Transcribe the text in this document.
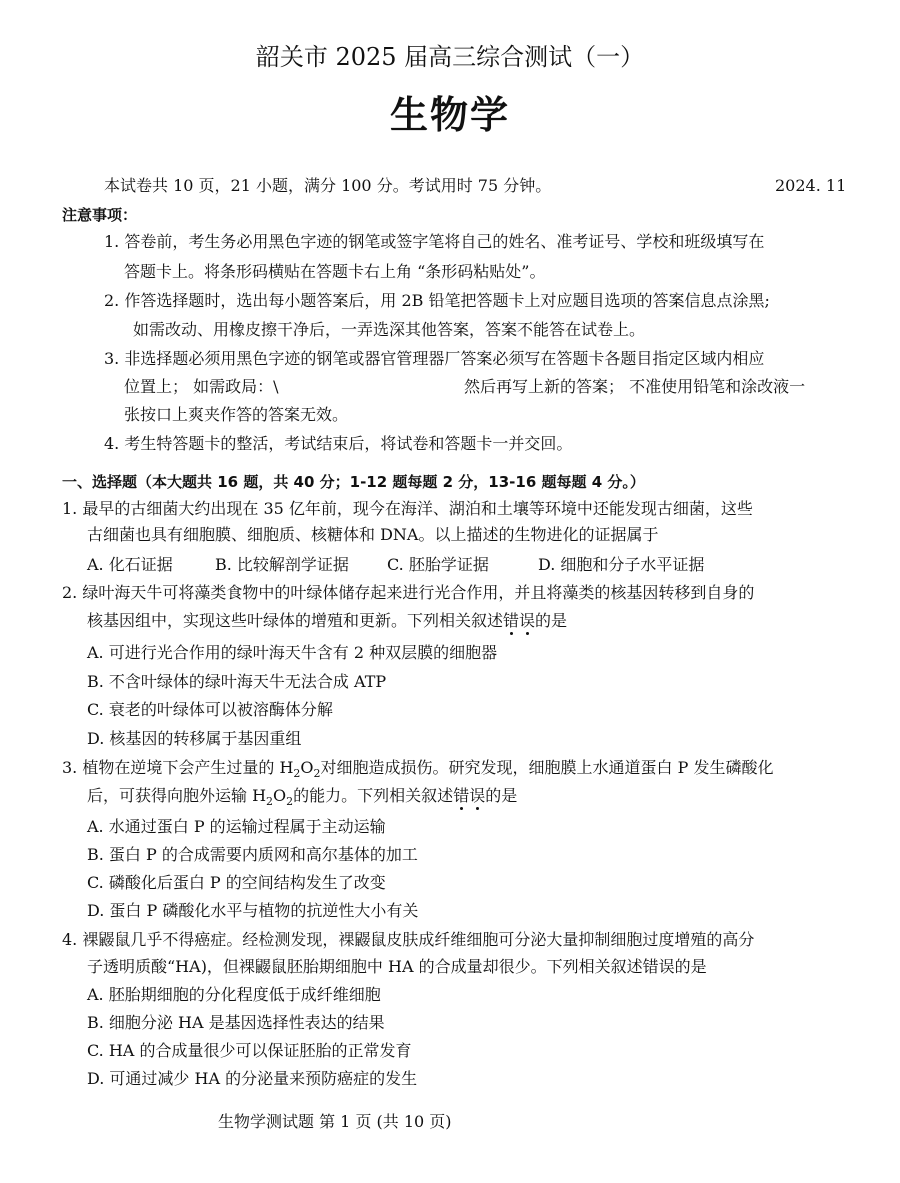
韶关市 2025 届高三综合测试（一）
生物学
本试卷共 10 页，21 小题，满分 100 分。考试用时 75 分钟。	2024. 11
注意事项：
1. 答卷前，考生务必用黑色字迹的钢笔或签字笔将自己的姓名、准考证号、学校和班级填写在
答题卡上。将条形码横贴在答题卡右上角 “条形码粘贴处”。
2. 作答选择题时，选出每小题答案后，用 2B 铅笔把答题卡上对应题目选项的答案信息点涂黑;
如需改动、用橡皮擦干净后，一弄选深其他答案，答案不能答在试卷上。
3. 非选择题必须用黑色字迹的钢笔或器官管理器厂答案必须写在答题卡各题目指定区域内相应
位置上； 如需政局：\	然后再写上新的答案； 不准使用铅笔和涂改液一
张按口上爽夹作答的答案无效。
4. 考生特答题卡的整活，考试结束后，将试卷和答题卡一并交回。
一、选择题（本大题共 16 题，共 40 分；1-12 题每题 2 分，13-16 题每题 4 分。）
1. 最早的古细菌大约出现在 35 亿年前，现今在海洋、湖泊和土壤等环境中还能发现古细菌，这些
古细菌也具有细胞膜、细胞质、核糖体和 DNA。以上描述的生物进化的证据属于
A. 化石证据	B. 比较解剖学证据 C. 胚胎学证据	D. 细胞和分子水平证据
2. 绿叶海天牛可将藻类食物中的叶绿体储存起来进行光合作用，并且将藻类的核基因转移到自身的
核基因组中，实现这些叶绿体的增殖和更新。下列相关叙述错误的是
A. 可进行光合作用的绿叶海天牛含有 2 种双层膜的细胞器
B. 不含叶绿体的绿叶海天牛无法合成 ATP
C. 衰老的叶绿体可以被溶酶体分解
D. 核基因的转移属于基因重组
3. 植物在逆境下会产生过量的 $H_2O_2$对细胞造成损伤。研究发现，细胞膜上水通道蛋白 P 发生磷酸化
后，可获得向胞外运输 $H_2O_2$的能力。下列相关叙述错误的是
A. 水通过蛋白 P 的运输过程属于主动运输
B. 蛋白 P 的合成需要内质网和高尔基体的加工
C. 磷酸化后蛋白 P 的空间结构发生了改变
D. 蛋白 P 磷酸化水平与植物的抗逆性大小有关
4. 裸鼹鼠几乎不得癌症。经检测发现，裸鼹鼠皮肤成纤维细胞可分泌大量抑制细胞过度增殖的高分
子透明质酸“HA)，但裸鼹鼠胚胎期细胞中 HA 的合成量却很少。下列相关叙述错误的是
A. 胚胎期细胞的分化程度低于成纤维细胞
B. 细胞分泌 HA 是基因选择性表达的结果
C. HA 的合成量很少可以保证胚胎的正常发育
D. 可通过减少 HA 的分泌量来预防癌症的发生
生物学测试题 第 1 页 (共 10 页)
